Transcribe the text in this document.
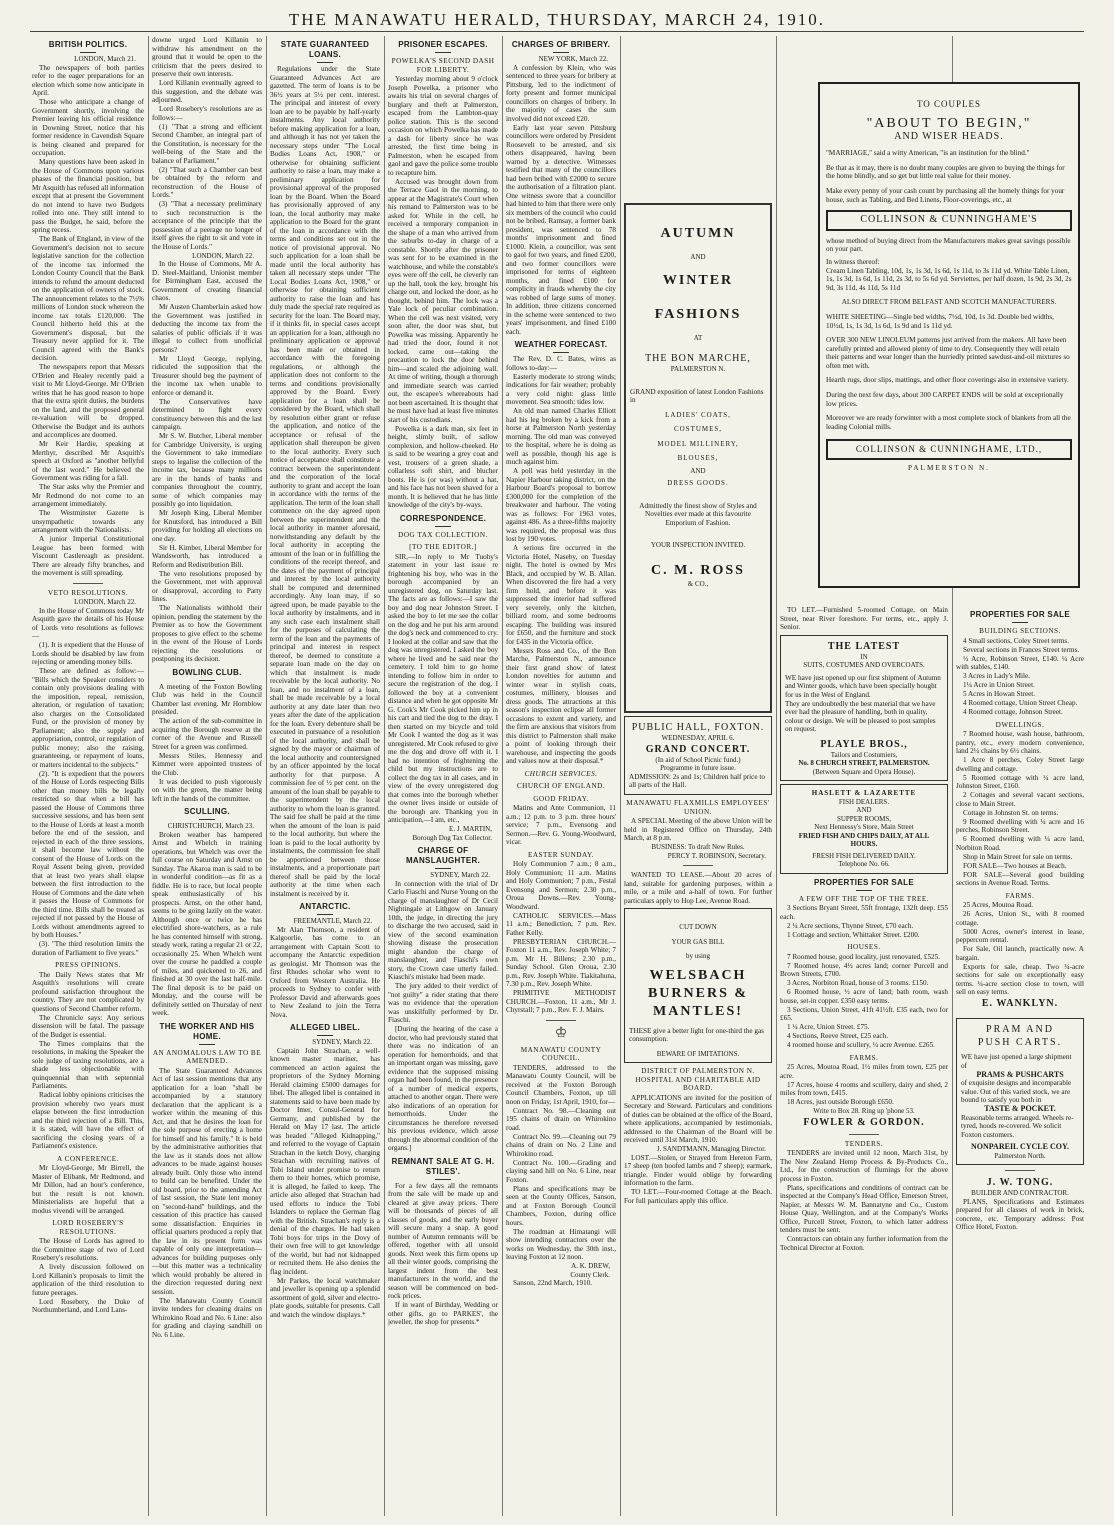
THE MANAWATU HERALD, THURSDAY, MARCH 24, 1910.
BRITISH POLITICS.
LONDON, March 21.

The newspapers of both parties refer to the eager preparations for an election which some now anticipate in April.

Those who anticipate a change of Government shortly, involving the Premier leaving his official residence in Downing Street, notice that his former residence in Cavendish Square is being cleaned and prepared for occupation.

Many questions have been asked in the House of Commons upon various phases of the financial position, but Mr Asquith has refused all information except that at present the Government do not intend to have two Budgets rolled into one. They still intend to pass the Budget, he said, before the spring recess.

The Bank of England, in view of the Government's decision not to secure legislative sanction for the collection of the income tax informed the London County Council that the Bank intends to refund the amount deducted on the application of owners of stock. The announcement relates to the 7½% millions of London stock whereon the income tax totals £120,000. The Council hitherto held this at the Government's disposal, but the Treasury never applied for it. The Council agreed with the Bank's decision.

The newspapers report that Messrs O'Brien and Healey recently paid a visit to Mr Lloyd-George. Mr O'Brien writes that he has good reason to hope that the extra spirit duties, the burdens on the land, and the proposed general re-valuation will be dropped. Otherwise the Budget and its authors and accomplices are doomed.

Mr Keir Hardie, speaking at Merthyr, described Mr Asquith's speech at Oxford as "another bellyful of the last word." He believed the Government was riding for a fall.

The Star asks why the Premier and Mr Redmond do not come to an arrangement immediately.

The Westminster Gazette is unsympathetic towards any arrangement with the Nationalists.

A junior Imperial Constitutional League has been formed with Viscount Castlereagh as president. There are already fifty branches, and the movement is still spreading.

VETO RESOLUTIONS.
LONDON, March 22.

In the House of Commons today Mr Asquith gave the details of his House of Lords veto resolutions as follows:—

(1). It is expedient that the House of Lords should be disabled by law from rejecting or amending money bills.

These are defined as follow:— "Bills which the Speaker considers to contain only provisions dealing with the imposition, repeal, remission, alteration, or regulation of taxation; also charges on the Consolidated Fund, or the provision of money by Parliament; also the supply and appropriation, control, or regulation of public money; also the raising, guaranteeing, or repayment of loans, or matters incidental to the subjects."

(2). "It is expedient that the powers of the House of Lords respecting Bills other than money bills be legally restricted so that when a bill has passed the House of Commons three successive sessions, and has been sent to the House of Lords at least a month before the end of the session, and rejected in each of the three sessions, it shall become law without the consent of the House of Lords on the Royal Assent being given, provided that at least two years shall elapse between the first introduction to the House of Commons and the date when it passes the House of Commons for the third time. Bills shall be treated as rejected if not passed by the House of Lords without amendments agreed to by both Houses."

(3). "The third resolution limits the duration of Parliament to five years."

PRESS OPINIONS.

The Daily News states that Mr Asquith's resolutions will create profound satisfaction throughout the country. They are not complicated by questions of Second Chamber reform.

The Chronicle says: Any serious dissension will be fatal. The passage of the Budget is essential.

The Times complains that the resolutions, in making the Speaker the sole judge of taxing resolutions, are a shade less objectionable with quinquennial than with septennial Parliaments.

Radical lobby opinions criticises the provision whereby two years must elapse between the first introduction and the third rejection of a Bill. This, it is stated, will have the effect of sacrificing the closing years of a Parliament's existence.

A CONFERENCE.

Mr Lloyd-George, Mr Birrell, the Master of Elibank, Mr Redmond, and Mr Dillon, had an hour's conference, but the result is not known. Ministerialists are hopeful that a modus vivendi will be arranged.

LORD ROSEBERY'S RESOLUTIONS.

The House of Lords has agreed to the Committee stage of two of Lord Rosebery's resolutions.

A lively discussion followed on Lord Killanin's proposals to limit the application of the third resolution to future peerages.

Lord Rosebery, the Duke of Northumberland, and Lord Lans-

downe urged Lord Killanin to withdraw his amendment on the ground that it would be open to the criticism that the peers desired to preserve their own interests.

Lord Killanin eventually agreed to this suggestion, and the debate was adjourned.

Lord Rosebery's resolutions are as follows:—

(1) "That a strong and efficient Second Chamber, an integral part of the Constitution, is necessary for the well-being of the State and the balance of Parliament."

(2) "That such a Chamber can best be obtained by the reform and reconstruction of the House of Lords."

(3) "That a necessary preliminary to such reconstruction is the acceptance of the principle that the possession of a peerage no longer of itself gives the right to sit and vote in the House of Lords."

LONDON, March 22.

In the House of Commons, Mr A. D. Steel-Maitland, Unionist member for Birmingham East, accused the Government of creating financial chaos.

Mr Austen Chamberlain asked how the Government was justified in deducting the income tax from the salaries of public officials if it was illegal to collect from unofficial persons?

Mr Lloyd George, replying, ridiculed the supposition that the Treasurer should beg the payment of the income tax when unable to enforce or demand it.

The Conservatives have determined to fight every constituency between this and the last campaign.

Mr S. W. Butcher, Liberal member for Cambridge University, is urging the Government to take immediate steps to legalise the collection of the income tax, because many millions are in the hands of banks and companies throughout the country, some of which companies may possibly go into liquidation.

Mr Joseph King, Liberal Member for Knutsford, has introduced a Bill providing for holding all elections on one day.

Sir H. Kimber, Liberal Member for Wandsworth, has introduced a Reform and Redistribution Bill.

The veto resolutions proposed by the Government, met with approval or disapproval, according to Party lines.

The Nationalists withhold their opinion, pending the statement by the Premier as to how the Government proposes to give effect to the scheme in the event of the House of Lords rejecting the resolutions or postponing its decision.

BOWLING CLUB.

A meeting of the Foxton Bowling Club was held in the Council Chamber last evening. Mr Hornblow presided.

The action of the sub-committee in acquiring the Borough reserve at the corner of the Avenue and Russell Street for a green was confirmed.

Messrs Stiles, Hennessy and Kimmet were appointed trustees of the Club.

It was decided to push vigorously on with the green, the matter being left in the hands of the committee.

SCULLING.
CHRISTCHURCH, March 23.

Broken weather has hampered Arnst and Whelch in training operations, but Whelch was over the full course on Saturday and Arnst on Sunday. The Akaroa man is said to be in wonderful condition—as fit as a fiddle. He is to race, but local people speak enthusiastically of his prospects. Arnst, on the other hand, seems to be going lazily on the water. Although once or twice he has electrified shore-watchers, as a rule he has contented himself with strong, steady work, rating a regular 21 or 22, occasionally 25. When Whelch went over the course he paddled a couple of miles, and quickened to 26, and finished at 30 over the last half-mile. The final deposit is to be paid on Monday, and the course will be definitely settled on Thursday of next week.

THE WORKER AND HIS HOME.
AN ANOMALOUS LAW TO BE AMENDED.

The State Guaranteed Advances Act of last session mentions that any application for a loan "shall be accompanied by a statutory declaration that the applicant is a worker within the meaning of this Act, and that he desires the loan for the sole purpose of erecting a home for himself and his family." It is held by the administrative authorities that the law as it stands does not allow advances to be made against houses already built. Only those who intend to build can be benefited. Under the old board, prior to the amending Act of last session, the State lent money on "second-hand" buildings, and the cessation of this practice has caused some dissatisfaction. Enquiries in official quarters produced a reply that the law in its present form was capable of only one interpretation—advances for building purposes only—but this matter was a technicality which would probably be altered in the direction requested during next session.

The Manawatu County Council invite tenders for cleaning drains on Whirokino Road and No. 6 Line: also for grading and claying sandhill on No. 6 Line.

STATE GUARANTEED LOANS.

Regulations under the State Guaranteed Advances Act are gazetted. The term of loans is to be 36½ years at 5½ per cent. interest. The principal and interest of every loan are to be payable by half-yearly instalments. Any local authority before making application for a loan, and although it has not yet taken the necessary steps under "The Local Bodies Loans Act, 1908," or otherwise for obtaining sufficient authority to raise a loan, may make a preliminary application for provisional approval of the proposed loan by the Board. When the Board has provisionally approved of any loan, the local authority may make application to the Board for the grant of the loan in accordance with the terms and conditions set out in the notice of provisional approval. No such application for a loan shall be made until the local authority has taken all necessary steps under "The Local Bodies Loans Act, 1908," or otherwise for obtaining sufficient authority to raise the loan and has duly made the special rate required as security for the loan. The Board may, if it thinks fit, in special cases accept an application for a loan, although no preliminary application or approval has been made or obtained in accordance with the foregoing regulations, or although the application does not conform to the terms and conditions provisionally approved by the Board. Every application for a loan shall be considered by the Board, which shall by resolution either grant or refuse the application, and notice of the acceptance or refusal of the application shall thereupon be given to the local authority. Every such notice of acceptance shall constitute a contract between the superintendent and the corporation of the local authority to grant and accept the loan in accordance with the terms of the application. The term of the loan shall commence on the day agreed upon between the superintendent and the local authority in manner aforesaid, notwithstanding any default by the local authority in accepting the amount of the loan or in fulfilling the conditions of the receipt thereof, and the dates of the payment of principal and interest by the local authority shall be computed and determined accordingly. Any loan may, if so agreed upon, be made payable to the local authority by instalments, and in any such case each instalment shall for the purposes of calculating the term of the loan and the payments of principal and interest in respect thereof, be deemed to constitute a separate loan made on the day on which that instalment is made receivable by the local authority. No loan, and no instalment of a loan, shall be made receivable by a local authority at any date later than two years after the date of the application for the loan. Every debenture shall be executed in pursuance of a resolution of the local authority, and shall be signed by the mayor or chairman of the local authority and countersigned by an officer appointed by the local authority for that purpose. A commission fee of ½ per cent. on the amount of the loan shall be payable to the superintendent by the local authority to whom the loan is granted. The said fee shall be paid at the time when the amount of the loan is paid to the local authority, but where the loan is paid to the local authority by instalments, the commission fee shall be apportioned between those instalments, and a proportionate part thereof shall be paid by the local authority at the time when each instalment is received by it.

ANTARCTIC.
FREEMANTLE, March 22.

Mr Alan Thomson, a resident of Kalgoorlie, has come to an arrangement with Captain Scott to accompany the Antarctic expedition as geologist. Mr Thomson was the first Rhodes scholar who went to Oxford from Western Australia. He proceeds to Sydney to confer with Professor David and afterwards goes to New Zealand to join the Terra Nova.

ALLEGED LIBEL.
SYDNEY, March 22.

Captain John Strachan, a well-known master mariner, has commenced an action against the proprietors of the Sydney Morning Herald claiming £5000 damages for libel. The alleged libel is contained in statements said to have been made by Doctor Imer, Consul-General for Germany, and published by the Herald on May 17 last. The article was headed "Alleged Kidnapping," and referred to the voyage of Captain Strachan in the ketch Dovy, charging Strachan with recruiting natives of Tobi Island under promise to return them to their homes, which promise, it is alleged, he failed to keep. The article also alleged that Strachan had used efforts to induce the Tobi Islanders to replace the German flag with the British. Strachan's reply is a denial of the charges. He had taken Tobi boys for trips in the Dovy of their own free will to get knowledge of the world, but had not kidnapped or recruited them. He also denies the flag incident.

Mr Parkes, the local watchmaker and jeweller is opening up a splendid assortment of gold, silver and electro-plate goods, suitable for presents. Call and watch the window displays.*

PRISONER ESCAPES.
POWELKA'S SECOND DASH FOR LIBERTY.

Yesterday morning about 9 o'clock Joseph Powelka, a prisoner who awaits his trial on several charges of burglary and theft at Palmerston, escaped from the Lambton-quay police station. This is the second occasion on which Powelka has made a dash for liberty since he was arrested, the first time being in Palmerston, when he escaped from gaol and gave the police some trouble to recapture him.

Accused was brought down from the Terrace Gaol in the morning, to appear at the Magistrate's Court when his remand to Palmerston was to be asked for. While in the cell, he received a temporary companion in the shape of a man who arrived from the suburbs to-day in charge of a constable. Shortly after the prisoner was sent for to be examined in the watchhouse, and while the constable's eyes were off the cell, he cleverly ran up the hall, took the key, brought his charge out, and locked the door, as he thought, behind him. The lock was a Yale lock of peculiar combination. When the cell was next visited, very soon after, the door was shut, but Powelka was missing. Apparently he had tried the door, found it not locked, came out—taking the precaution to lock the door behind him—and scaled the adjoining wall. At time of writing, though a thorough and immediate search was carried out, the escapee's whereabouts had not been ascertained. It is thought that he must have had at least five minutes start of his custodians.

Powelka is a dark man, six feet in height, slimly built, of sallow complexion, and hollow-cheeked. He is said to be wearing a grey coat and vest, trousers of a green shade, a collarless soft shirt, and blucher boots. He is (or was) without a hat, and his face has not been shaved for a month. It is believed that he has little knowledge of the city's by-ways.

CORRESPONDENCE.
DOG TAX COLLECTION.
[TO THE EDITOR.]

SIR,—In reply to Mr Tuohy's statement in your last issue re frightening his boy, who was in the borough accompanied by an unregistered dog, on Saturday last. The facts are as follows:—I saw the boy and dog near Johnston Street. I asked the boy to let me see the collar on the dog and he put his arm around the dog's neck and commenced to cry. I looked at the collar and saw that the dog was unregistered. I asked the boy where he lived and he said near the cemetery. I told him to go home intending to follow him in order to secure the registration of the dog. I followed the boy at a convenient distance and when he got opposite Mr G. Cook's Mr Cook picked him up in his cart and tied the dog to the dray. I then started on my bicycle and told Mr Cook I wanted the dog as it was unregistered. Mr Cook refused to give me the dog and drove off with it. I had no intention of frightening the child but my instructions are to collect the dog tax in all cases, and in view of the every unregistered dog that comes into the borough whether the owner lives inside or outside of the borough are. Thanking you in anticipation,—I am, etc.,

E. J. MARTIN,
Borough Dog Tax Collector.
CHARGE OF MANSLAUGHTER.
SYDNEY, March 22.

In connection with the trial of Dr Carlo Fiaschi and Nurse Young on the charge of manslaughter of Dr Cecil Nightingale at Lithgow on January 10th, the judge, in directing the jury to discharge the two accused, said in view of the second examination showing disease the prosecution might abandon the charge of manslaughter, and Fiaschi's own story, the Crown case utterly failed. Kiaschi's mistake had been made.

The jury added to their verdict of "not guilty" a rider stating that there was no evidence that the operation was unskilfully performed by Dr. Fiaschi.

[During the hearing of the case a doctor, who had previously stated that there was no indication of an operation for hemorrhoids, and that an important organ was missing, gave evidence that the supposed missing organ had been found, in the presence of a number of medical experts, attached to another organ. There were also indications of an operation for hemorrhoids. Under the circumstances he therefore reversed his previous evidence, which arose through the abnormal condition of the organs.]

REMNANT SALE AT G. H. STILES'.

For a few days all the remnants from the sale will be made up and cleared at give away prices. There will be thousands of pieces of all classes of goods, and the early buyer will secure many a snap. A good number of Autumn remnants will be offered, together with all unsold goods. Next week this firm opens up all their winter goods, comprising the largest indent from the best manufacturers in the world, and the season will be commenced on bed-rock prices.

If in want of Birthday, Wedding or other gifts, go to PARKES', the jeweller, the shop for presents.*

CHARGES OF BRIBERY.
NEW YORK, March 22.

A confession by Klein, who was sentenced to three years for bribery at Pittsburg, led to the indictment of forty present and former municipal councillors on charges of bribery. In the majority of cases the sum involved did not exceed £20.

Early last year seven Pittsburg councillors were ordered by President Roosevelt to be arrested, and six others disappeared, having been warned by a detective. Witnesses testified that many of the councillors had been bribed with £2000 to secure the authorisation of a filtration plant. One witness swore that a councillor had hinted to him that there were only six members of the council who could not be bribed. Ramsay, a former bank president, was sentenced to 78 months' imprisonment and fined £1000. Klein, a councillor, was sent to gaol for two years, and fined £200, and two former councillors were imprisoned for terms of eighteen months, and fined £100 for complicity in frauds whereby the city was robbed of large sums of money. In addition, three citizens concerned in the scheme were sentenced to two years' imprisonment, and fined £100 each.

WEATHER FORECAST.

The Rev. D. C. Bates, wires as follows to-day:—

Easterly moderate to strong winds; indications for fair weather; probably a very cold night: glass little movement. Sea smooth: tides low.

An old man named Charles Elliott had his leg broken by a kick from a horse at Palmerston North yesterday morning. The old man was conveyed to the hospital, where he is doing as well as possible, though his age is much against him.

A poll was held yesterday in the Napier Harbour taking district, on the Harbour Board's proposal to borrow £300,000 for the completion of the breakwater and harbour. The voting was as follows: For 1963 votes, against 486. As a three-fifths majority was required, the proposal was thus lost by 190 votes.

A serious fire occurred in the Victoria Hotel, Naseby, on Tuesday night. The hotel is owned by Mrs Black, and occupied by W. B. Allan. When discovered the fire had a very firm hold, and before it was suppressed the interior had suffered very severely, only the kitchen, billiard room, and some bedrooms escaping. The building was insured for £650, and the furniture and stock for £435 in the Victoria office.

Messrs Ross and Co., of the Bon Marche, Palmerston N., announce their first grand show of latest London novelties for autumn and winter wear in stylish coats, costumes, millinery, blouses and dress goods. The attractions at this season's inspection eclipse all former occasions to extent and variety, and the firm are anxious that visitors from this district to Palmerston shall make a point of looking through their warehouse, and inspecting the goods and values now at their disposal.*

CHURCH SERVICES.
CHURCH OF ENGLAND.
GOOD FRIDAY.

Matins and Ante Communion, 11 a.m.; 12 p.m. to 3 p.m. three hours' service; 7 p.m., Evensong and Sermon.—Rev. G. Young-Woodward, vicar.

EASTER SUNDAY.

Holy Communion 7 a.m.; 8 a.m., Holy Communion; 11 a.m. Matins and Holy Communion; 7 p.m., Festal Evensong and Sermon; 2.30 p.m., Oroua Downs.—Rev. Young-Woodward.

CATHOLIC SERVICES.—Mass 11 a.m.; Benediction, 7 p.m. Rev. Father Kelly.

PRESBYTERIAN CHURCH.—Foxton 11 a.m., Rev. Joseph White; 7 p.m. Mr H. Billens; 2.30 p.m., Sunday School. Glen Oroua, 2.30 p.m., Rev. Joseph White. Tiakitahuna, 7.30 p.m., Rev. Joseph White.

PRIMITIVE METHODIST CHURCH.—Foxton, 11 a.m., Mr J. Chyrstall; 7 p.m., Rev. F. J. Mairs.

♔
MANAWATU COUNTY COUNCIL.

TENDERS, addressed to the Manawatu County Council, will be received at the Foxton Borough Council Chambers, Foxton, up till noon on Friday, 1st April, 1910, for—

Contract No. 98.—Cleaning out 195 chains of drain on Whirokino road.

Contract No. 99.—Cleaning out 79 chains of drain on No. 2 Line and Whirokino road.

Contract No. 100.—Grading and claying sand hill on No. 6 Line, near Foxton.

Plans and specifications may be seen at the County Offices, Sanson, and at Foxton Borough Council Chambers, Foxton, during office hours.

The roadman at Himatangi will show intending contractors over the works on Wednesday, the 30th inst., leaving Foxton at 12 noon.

A. K. DREW,
County Clerk.

Sanson, 22nd March, 1910.

AUTUMN
AND
WINTER
FASHIONS
AT
THE BON MARCHE,
PALMERSTON N.

GRAND exposition of latest London Fashions in

LADIES' COATS,
COSTUMES,
MODEL MILLINERY,
BLOUSES,
AND
DRESS GOODS.

Admittedly the finest show of Styles and Novelties ever made at this favourite Emporium of Fashion.

YOUR INSPECTION INVITED.
C. M. ROSS
& CO.,
PUBLIC HALL, FOXTON.
WEDNESDAY, APRIL 6.
GRAND CONCERT.
(In aid of School Picnic fund.)
Programme in future issue.

ADMISSION: 2s and 1s; Children half price to all parts of the Hall.

MANAWATU FLAXMILLS EMPLOYEES' UNION.

A SPECIAL Meeting of the above Union will be held in Registered Office on Thursday, 24th March, at 8 p.m.

BUSINESS: To draft New Rules.
PERCY T. ROBINSON, Secretary.

WANTED TO LEASE.—About 20 acres of land, suitable for gardening purposes, within a mile, or a mile and a-half of town. For further particulars apply to Hop Lee, Avenue Road.

CUT DOWN
YOUR GAS BILL
by using
WELSBACH
BURNERS &
MANTLES!

THESE give a better light for one-third the gas consumption.

BEWARE OF IMITATIONS.
DISTRICT OF PALMERSTON N. HOSPITAL AND CHARITABLE AID BOARD.

APPLICATIONS are invited for the position of Secretary and Steward. Particulars and conditions of duties can be obtained at the office of the Board, where applications, accompanied by testimonials, addressed to the Chairman of the Board will be received until 31st March, 1910.

J. SANDTMANN, Managing Director.

LOST.—Stolen, or Strayed from Hereton Farm, 17 sheep (ten hoofed lambs and 7 sheep); earmark, triangle. Finder would oblige by forwarding information to the farm.

TO LET.—Four-roomed Cottage at the Beach. For full particulars apply this office.

TO COUPLES
"ABOUT TO BEGIN,"
AND WISER HEADS.

"MARRIAGE," said a witty American, "is an institution for the blind."

Be that as it may, there is no doubt many couples are given to buying the things for the home blindly, and so get but little real value for their money.

Make every penny of your cash count by purchasing all the homely things for your house, such as Tabling, and Bed Linens, Floor-coverings, etc., at

COLLINSON & CUNNINGHAME'S

whose method of buying direct from the Manufacturers makes great savings possible on your part.

In witness thereof:

Cream Linen Tabling, 10d, 1s, 1s 3d, 1s 6d, 1s 11d, to 3s 11d yd. White Table Linen, 1s, 1s 3d, 1s 6d, 1s 11d, 2s 3d, to 5s 6d yd. Serviettes, per half dozen, 1s 9d, 2s 3d, 2s 9d, 3s 11d, 4s 11d, 5s 11d

ALSO DIRECT FROM BELFAST AND SCOTCH MANUFACTURERS.

WHITE SHEETING—Single bed widths, 7½d, 10d, 1s 3d. Double bed widths, 10½d, 1s, 1s 3d, 1s 6d, 1s 9d and 1s 11d yd.

OVER 300 NEW LINOLEUM patterns just arrived from the makers. All have been carefully printed and allowed plenty of time to dry. Consequently they will retain their patterns and wear longer than the hurriedly printed sawdust-and-oil mixtures so often met with.

Hearth rugs, door slips, mattings, and other floor coverings also in extensive variety.

During the next few days, about 300 CARPET ENDS will be sold at exceptionally low prices.

Moreover we are ready forwinter with a most complete stock of blankets from all the leading Colonial mills.

COLLINSON & CUNNINGHAME, LTD.,
PALMERSTON N.

TO LET.—Furnished 5-roomed Cottage, on Main Street, near River foreshore. For terms, etc., apply J. Senior.

THE LATEST
IN
SUITS, COSTUMES AND OVERCOATS.

WE have just opened up our first shipment of Autumn and Winter goods, which have been specially bought for us in the West of England.

They are undoubtedly the best material that we have ever had the pleasure of handling, both in quality, colour or design. We will be pleased to post samples on request.

PLAYLE BROS.,
Tailors and Costumiers,
No. 8 CHURCH STREET, PALMERSTON.
(Between Square and Opera House).
HASLETT & LAZARETTE
FISH DEALERS.
AND
SUPPER ROOMS,
Next Hennessy's Store, Main Street
FRIED FISH AND CHIPS DAILY, AT ALL HOURS.
FRESH FISH DELIVERED DAILY.
Telephone No. 66.
PROPERTIES FOR SALE
A FEW OFF THE TOP OF THE TREE.

3 Sections Bryant Street, 55ft frontage, 132ft deep. £55 each.

2 ¼ Acre sections, Thynne Street, £70 each.

1 Cottage and section, Whittaker Street. £200.

HOUSES.

7 Roomed house, good locality, just renovated, £525.

7 Roomed house, 4½ acres land; corner Purcell and Brown Streets, £700.

3 Acres, Norbiton Road, house of 3 rooms. £150.

6 Roomed house, ½ acre of land; bath room, wash house, set-in copper. £350 easy terms.

3 Sections, Union Street, 41ft 41½ft. £35 each, two for £65.

1 ¼ Acre, Union Street. £75.

4 Sections, Reeve Street, £25 each.

4 roomed house and scullery, ¼ acre Avenue. £265.

FARMS.

25 Acres, Moutoa Road, 1½ miles from town, £25 per acre.

17 Acres, house 4 rooms and scullery, dairy and shed, 2 miles from town, £415.

18 Acres, just outside Borough £650.

Write to Box 28. Ring up 'phone 53.
FOWLER & GORDON.
TENDERS.

TENDERS are invited until 12 noon, March 31st, by The New Zealand Hemp Process & By-Products Co., Ltd., for the construction of flumings for the above process in Foxton.

Plans, specifications and conditions of contract can be inspected at the Company's Head Office, Emerson Street, Napier, at Messrs W. M. Bannatyne and Co., Custom House Quay, Wellington, and at the Company's Works Office, Purcell Street, Foxton, to which latter address tenders must be sent.

Contractors can obtain any further information from the Technical Director at Foxton.

PROPERTIES FOR SALE
BUILDING SECTIONS.

4 Small sections, Coley Street terms.

Several sections in Frances Street terms.

½ Acre, Robinson Street, £140. ¼ Acre with stables, £140.

3 Acres in Lady's Mile.

1¼ Acre in Union Street.

5 Acres in Howan Street.

4 Roomed cottage, Union Street Cheap.

4 Roomed cottage, Johnson Street.

DWELLINGS.

7 Roomed house, wash house, bathroom, pantry, etc., every modern convenience, land 2¼ chains by 6½ chains.

1 Acre 8 perches, Coley Street large dwelling and cottage.

5 Roomed cottage with ¼ acre land, Johnston Street, £160.

2 Cottages and several vacant sections, close to Main Street.

Cottage in Johnston St. on terms.

9 Roomed dwelling with ¼ acre and 16 perches, Robinson Street.

6 Roomed dwelling with ¼ acre land, Norbiton Road.

Shop in Main Street for sale on terms.

FOR SALE—Two houses at Beach.

FOR SALE—Several good building sections in Avenue Road. Terms.

FARMS.

25 Acres, Moutoa Road.

26 Acres, Union St., with 8 roomed cottage.

5000 Acres, owner's interest in lease, peppercorn rental.

For Sale, Oil launch, practically new. A bargain.

Exports for sale, cheap. Two ¼-acre sections for sale on exceptionally easy terms. ¼-acre section close to town, will sell on easy terms.

E. WANKLYN.
PRAM AND
PUSH CARTS.

WE have just opened a large shipment of

PRAMS & PUSHCARTS

of exquisite designs and incomparable value. Out of this varied stock, we are bound to satisfy you both in

TASTE & POCKET.

Reasonable terms arranged. Wheels re-tyred, hoods re-covered. We solicit Foxton customers.

NONPAREIL CYCLE COY.
Palmerston North.
J. W. TONG.
BUILDER AND CONTRACTOR.

PLANS, Specifications and Estimates prepared for all classes of work in brick, concrete, etc. Temporary address: Post Office Hotel, Foxton.
